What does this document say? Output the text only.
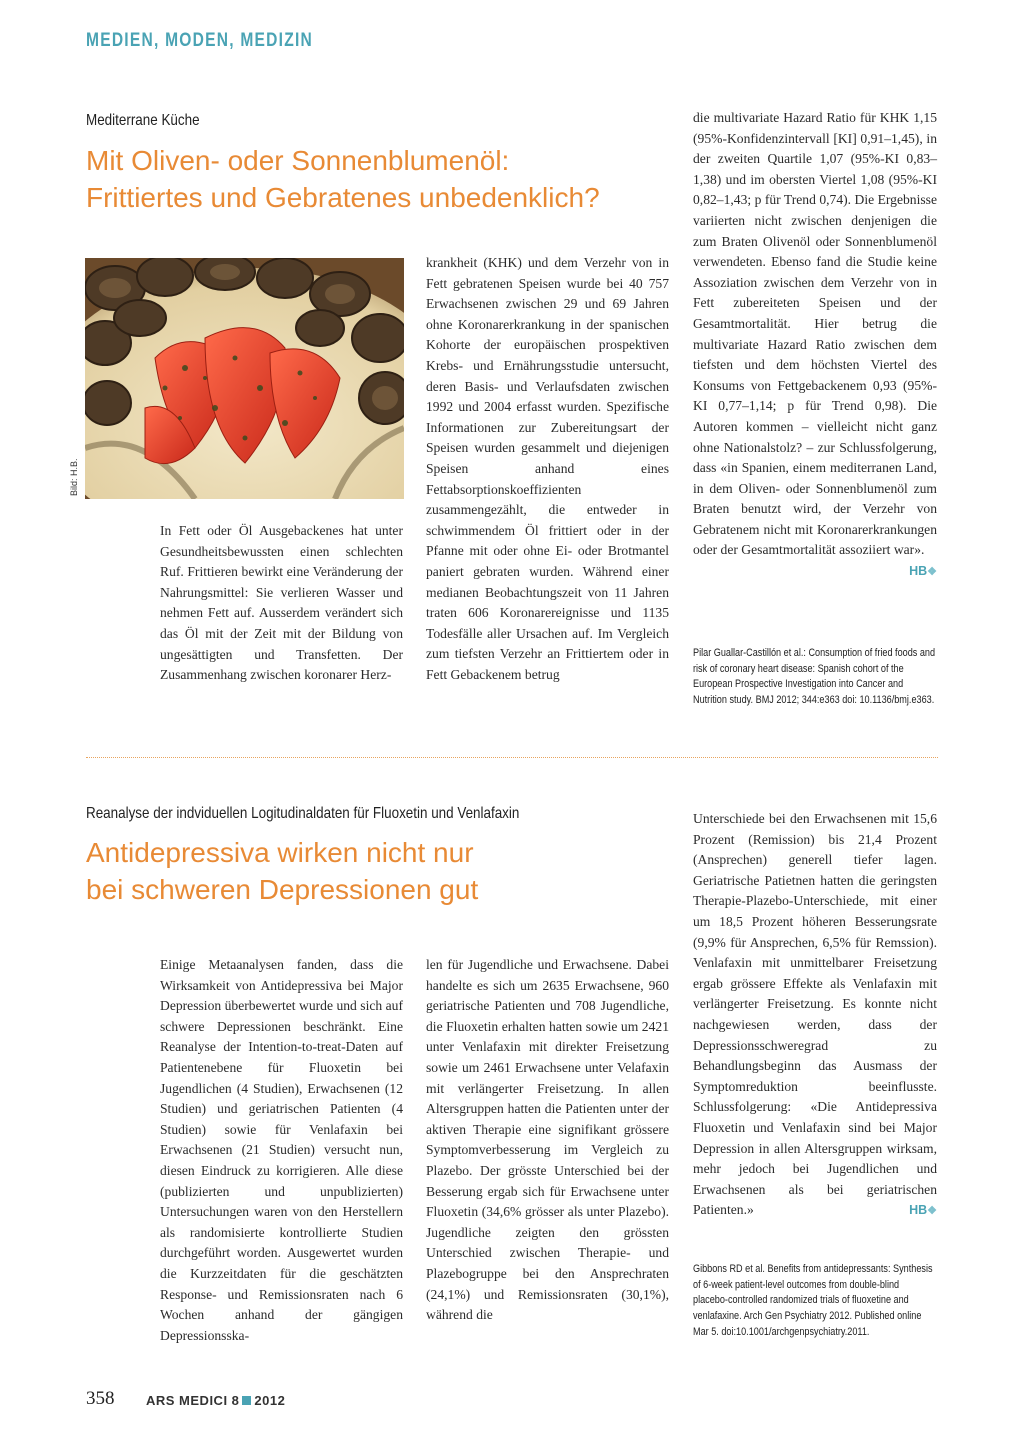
MEDIEN, MODEN, MEDIZIN
Mediterrane Küche
Mit Oliven- oder Sonnenblumenöl:
Frittiertes und Gebratenes unbedenklich?
Bild: H.B.

In Fett oder Öl Ausgebackenes hat unter Gesundheitsbewussten einen schlechten Ruf. Frittieren bewirkt eine Veränderung der Nahrungsmittel: Sie verlieren Wasser und nehmen Fett auf. Ausserdem verändert sich das Öl mit der Zeit mit der Bildung von ungesättigten und Transfetten. Der Zusammenhang zwischen koronarer Herz-

krankheit (KHK) und dem Verzehr von in Fett gebratenen Speisen wurde bei 40 757 Erwachsenen zwischen 29 und 69 Jahren ohne Koronarerkrankung in der spanischen Kohorte der europäischen prospektiven Krebs- und Ernährungsstudie untersucht, deren Basis- und Verlaufsdaten zwischen 1992 und 2004 erfasst wurden. Spezifische Informationen zur Zubereitungsart der Speisen wurden gesammelt und diejenigen Speisen anhand eines Fettabsorptionskoeffizienten zusammengezählt, die entweder in schwimmendem Öl frittiert oder in der Pfanne mit oder ohne Ei- oder Brotmantel paniert gebraten wurden. Während einer medianen Beobachtungszeit von 11 Jahren traten 606 Koronarereignisse und 1135 Todesfälle aller Ursachen auf. Im Vergleich zum tiefsten Verzehr an Frittiertem oder in Fett Gebackenem betrug

die multivariate Hazard Ratio für KHK 1,15 (95%-Konfidenzintervall [KI] 0,91–1,45), in der zweiten Quartile 1,07 (95%-KI 0,83–1,38) und im obersten Viertel 1,08 (95%-KI 0,82–1,43; p für Trend 0,74). Die Ergebnisse variierten nicht zwischen denjenigen die zum Braten Olivenöl oder Sonnenblumenöl verwendeten. Ebenso fand die Studie keine Assoziation zwischen dem Verzehr von in Fett zubereiteten Speisen und der Gesamtmortalität. Hier betrug die multivariate Hazard Ratio zwischen dem tiefsten und dem höchsten Viertel des Konsums von Fettgebackenem 0,93 (95%-KI 0,77–1,14; p für Trend 0,98). Die Autoren kommen – vielleicht nicht ganz ohne Nationalstolz? – zur Schlussfolgerung, dass «in Spanien, einem mediterranen Land, in dem Oliven- oder Sonnenblumenöl zum Braten benutzt wird, der Verzehr von Gebratenem nicht mit Koronarerkrankungen oder der Gesamtmortalität assoziiert war».
HB❖

Pilar Guallar-Castillón et al.: Consumption of fried foods and risk of coronary heart disease: Spanish cohort of the European Prospective Investigation into Cancer and Nutrition study. BMJ 2012; 344:e363 doi: 10.1136/bmj.e363.
Reanalyse der indviduellen Logitudinaldaten für Fluoxetin und Venlafaxin
Antidepressiva wirken nicht nur
bei schweren Depressionen gut

Einige Metaanalysen fanden, dass die Wirksamkeit von Antidepressiva bei Major Depression überbewertet wurde und sich auf schwere Depressionen beschränkt. Eine Reanalyse der Intention-to-treat-Daten auf Patientenebene für Fluoxetin bei Jugendlichen (4 Studien), Erwachsenen (12 Studien) und geriatrischen Patienten (4 Studien) sowie für Venlafaxin bei Erwachsenen (21 Studien) versucht nun, diesen Eindruck zu korrigieren. Alle diese (publizierten und unpublizierten) Untersuchungen waren von den Herstellern als randomisierte kontrollierte Studien durchgeführt worden. Ausgewertet wurden die Kurzzeitdaten für die geschätzten Response- und Remissionsraten nach 6 Wochen anhand der gängigen Depressionsska-

len für Jugendliche und Erwachsene. Dabei handelte es sich um 2635 Erwachsene, 960 geriatrische Patienten und 708 Jugendliche, die Fluoxetin erhalten hatten sowie um 2421 unter Venlafaxin mit direkter Freisetzung sowie um 2461 Erwachsene unter Velafaxin mit verlängerter Freisetzung. In allen Altersgruppen hatten die Patienten unter der aktiven Therapie eine signifikant grössere Symptomverbesserung im Vergleich zu Plazebo. Der grösste Unterschied bei der Besserung ergab sich für Erwachsene unter Fluoxetin (34,6% grösser als unter Plazebo). Jugendliche zeigten den grössten Unterschied zwischen Therapie- und Plazebogruppe bei den Ansprechraten (24,1%) und Remissionsraten (30,1%), während die

Unterschiede bei den Erwachsenen mit 15,6 Prozent (Remission) bis 21,4 Prozent (Ansprechen) generell tiefer lagen. Geriatrische Patietnen hatten die geringsten Therapie-Plazebo-Unterschiede, mit einer um 18,5 Prozent höheren Besserungsrate (9,9% für Ansprechen, 6,5% für Remssion). Venlafaxin mit unmittelbarer Freisetzung ergab grössere Effekte als Venlafaxin mit verlängerter Freisetzung. Es konnte nicht nachgewiesen werden, dass der Depressionsschweregrad zu Behandlungsbeginn das Ausmass der Symptomreduktion beeinflusste. Schlussfolgerung: «Die Antidepressiva Fluoxetin und Venlafaxin sind bei Major Depression in allen Altersgruppen wirksam, mehr jedoch bei Jugendlichen und Erwachsenen als bei geriatrischen Patienten.»	HB❖

Gibbons RD et al. Benefits from antidepressants: Synthesis of 6-week patient-level outcomes from double-blind placebo-controlled randomized trials of fluoxetine and venlafaxine. Arch Gen Psychiatry 2012. Published online Mar 5. doi:10.1001/archgenpsychiatry.2011.
358 ARS MEDICI 8 2012
